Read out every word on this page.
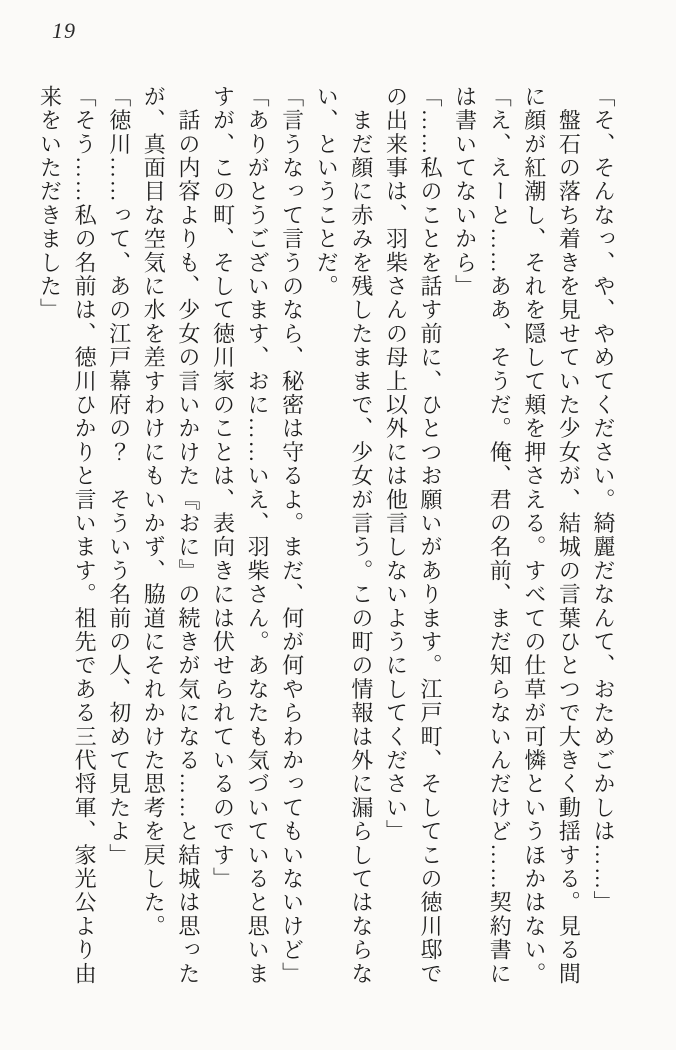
19
「そ、そんなっ、や、やめてください。綺麗だなんて、おためごかしは……」
　盤石の落ち着きを見せていた少女が、結城の言葉ひとつで大きく動揺する。見る間
に顔が紅潮し、それを隠して頬を押さえる。すべての仕草が可憐というほかはない。
「え、えーと……ああ、そうだ。俺、君の名前、まだ知らないんだけど……契約書に
は書いてないから」
「……私のことを話す前に、ひとつお願いがあります。江戸町、そしてこの徳川邸で
の出来事は、羽柴さんの母上以外には他言しないようにしてください」
　まだ顔に赤みを残したままで、少女が言う。この町の情報は外に漏らしてはならな
い、ということだ。
「言うなって言うのなら、秘密は守るよ。まだ、何が何やらわかってもいないけど」
「ありがとうございます、おに……いえ、羽柴さん。あなたも気づいていると思いま
すが、この町、そして徳川家のことは、表向きには伏せられているのです」
　話の内容よりも、少女の言いかけた『おに』の続きが気になる……と結城は思った
が、真面目な空気に水を差すわけにもいかず、脇道にそれかけた思考を戻した。
「徳川……って、あの江戸幕府の？　そういう名前の人、初めて見たよ」
「そう……私の名前は、徳川ひかりと言います。祖先である三代将軍、家光公より由
来をいただきました」
